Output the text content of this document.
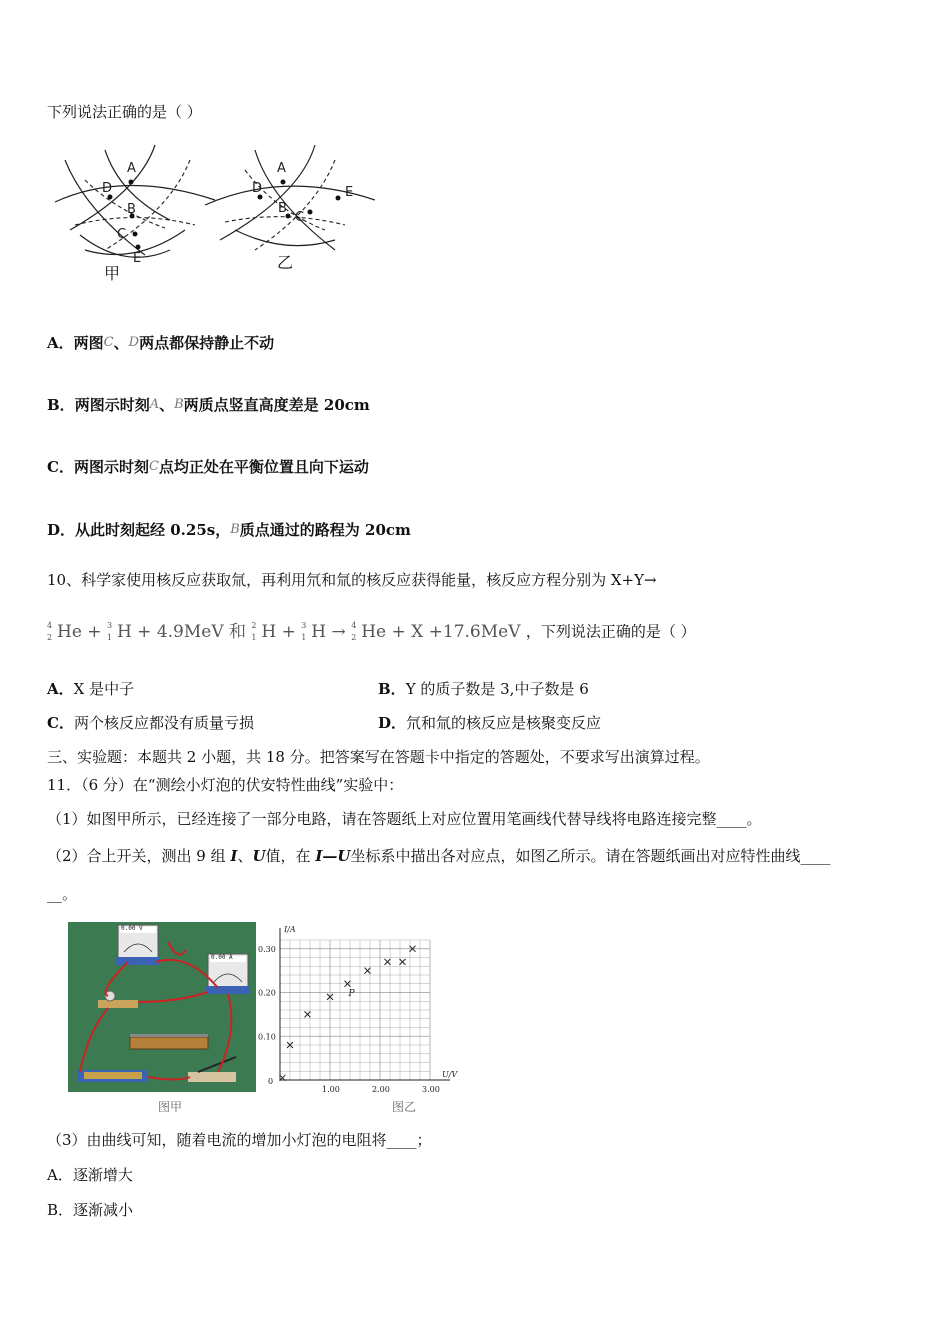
下列说法正确的是（ ）
A
D
B
C
E
A
D	E
B
C
甲
乙
A．两图C、D两点都保持静止不动
B．两图示时刻A、B两质点竖直高度差是 20cm
C．两图示时刻C点均正处在平衡位置且向下运动
D．从此时刻起经 0.25s，B质点通过的路程为 20cm
10、科学家使用核反应获取氚，再利用氘和氚的核反应获得能量，核反应方程分别为 X+Y→
4
2 He + 3
1 H + 4.9MeV 和 2
1 H + 3
1 H → 4
2 He + X +17.6MeV ，下列说法正确的是（ ）
A．X 是中子	B．Y 的质子数是 3,中子数是 6
C．两个核反应都没有质量亏损	D．氘和氚的核反应是核聚变反应
三、实验题：本题共 2 小题，共 18 分。把答案写在答题卡中指定的答题处，不要求写出演算过程。
11．（6 分）在“测绘小灯泡的伏安特性曲线”实验中：
（1）如图甲所示，已经连接了一部分电路，请在答题纸上对应位置用笔画线代替导线将电路连接完整____。
（2）合上开关，测出 9 组 I、U值，在 I—U坐标系中描出各对应点，如图乙所示。请在答题纸画出对应特性曲线____
__。
0.00 V
0.00 A
图甲
1.00	2.00	3.00
0.10
0.20
0.30
0
U/V
I/A
P
图乙
（3）由曲线可知，随着电流的增加小灯泡的电阻将____；
A．逐渐增大
B．逐渐减小
